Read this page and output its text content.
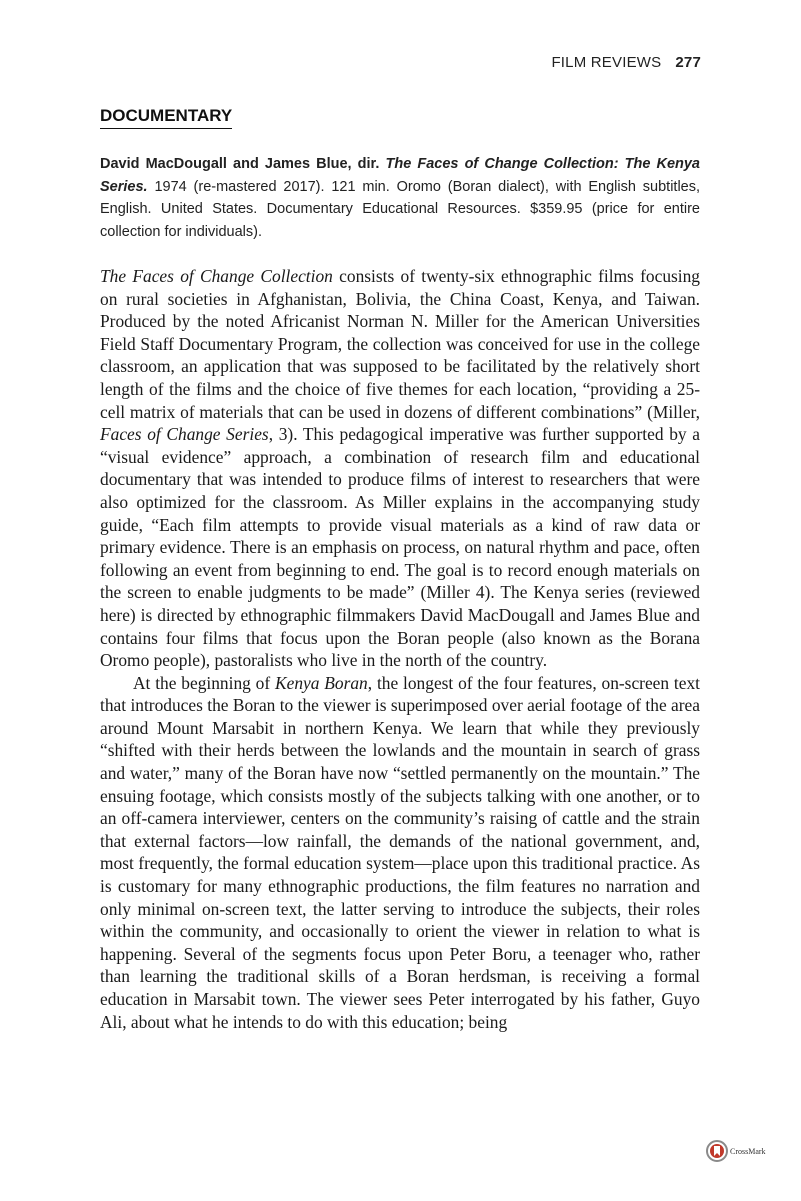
FILM REVIEWS 277
DOCUMENTARY
David MacDougall and James Blue, dir. The Faces of Change Collection: The Kenya Series. 1974 (re-mastered 2017). 121 min. Oromo (Boran dialect), with English subtitles, English. United States. Documentary Educational Resources. $359.95 (price for entire collection for individuals).

The Faces of Change Collection consists of twenty-six ethnographic films focusing on rural societies in Afghanistan, Bolivia, the China Coast, Kenya, and Taiwan. Produced by the noted Africanist Norman N. Miller for the American Universities Field Staff Documentary Program, the collection was conceived for use in the college classroom, an application that was supposed to be facilitated by the relatively short length of the films and the choice of five themes for each location, “providing a 25-cell matrix of materials that can be used in dozens of different combinations” (Miller, Faces of Change Series, 3). This pedagogical imperative was further supported by a “visual evidence” approach, a combination of research film and educational documentary that was intended to produce films of interest to researchers that were also optimized for the classroom. As Miller explains in the accompanying study guide, “Each film attempts to provide visual materials as a kind of raw data or primary evidence. There is an emphasis on process, on natural rhythm and pace, often following an event from beginning to end. The goal is to record enough materials on the screen to enable judgments to be made” (Miller 4). The Kenya series (reviewed here) is directed by ethnographic filmmakers David MacDougall and James Blue and contains four films that focus upon the Boran people (also known as the Borana Oromo people), pastoralists who live in the north of the country.

At the beginning of Kenya Boran, the longest of the four features, on-screen text that introduces the Boran to the viewer is superimposed over aerial footage of the area around Mount Marsabit in northern Kenya. We learn that while they previously “shifted with their herds between the lowlands and the mountain in search of grass and water,” many of the Boran have now “settled permanently on the mountain.” The ensuing footage, which consists mostly of the subjects talking with one another, or to an off-camera interviewer, centers on the community’s raising of cattle and the strain that external factors—low rainfall, the demands of the national government, and, most frequently, the formal education system—place upon this traditional practice. As is customary for many ethnographic productions, the film features no narration and only minimal on-screen text, the latter serving to introduce the subjects, their roles within the community, and occasionally to orient the viewer in relation to what is happening. Several of the segments focus upon Peter Boru, a teenager who, rather than learning the traditional skills of a Boran herdsman, is receiving a formal education in Marsabit town. The viewer sees Peter interrogated by his father, Guyo Ali, about what he intends to do with this education; being

CrossMark
